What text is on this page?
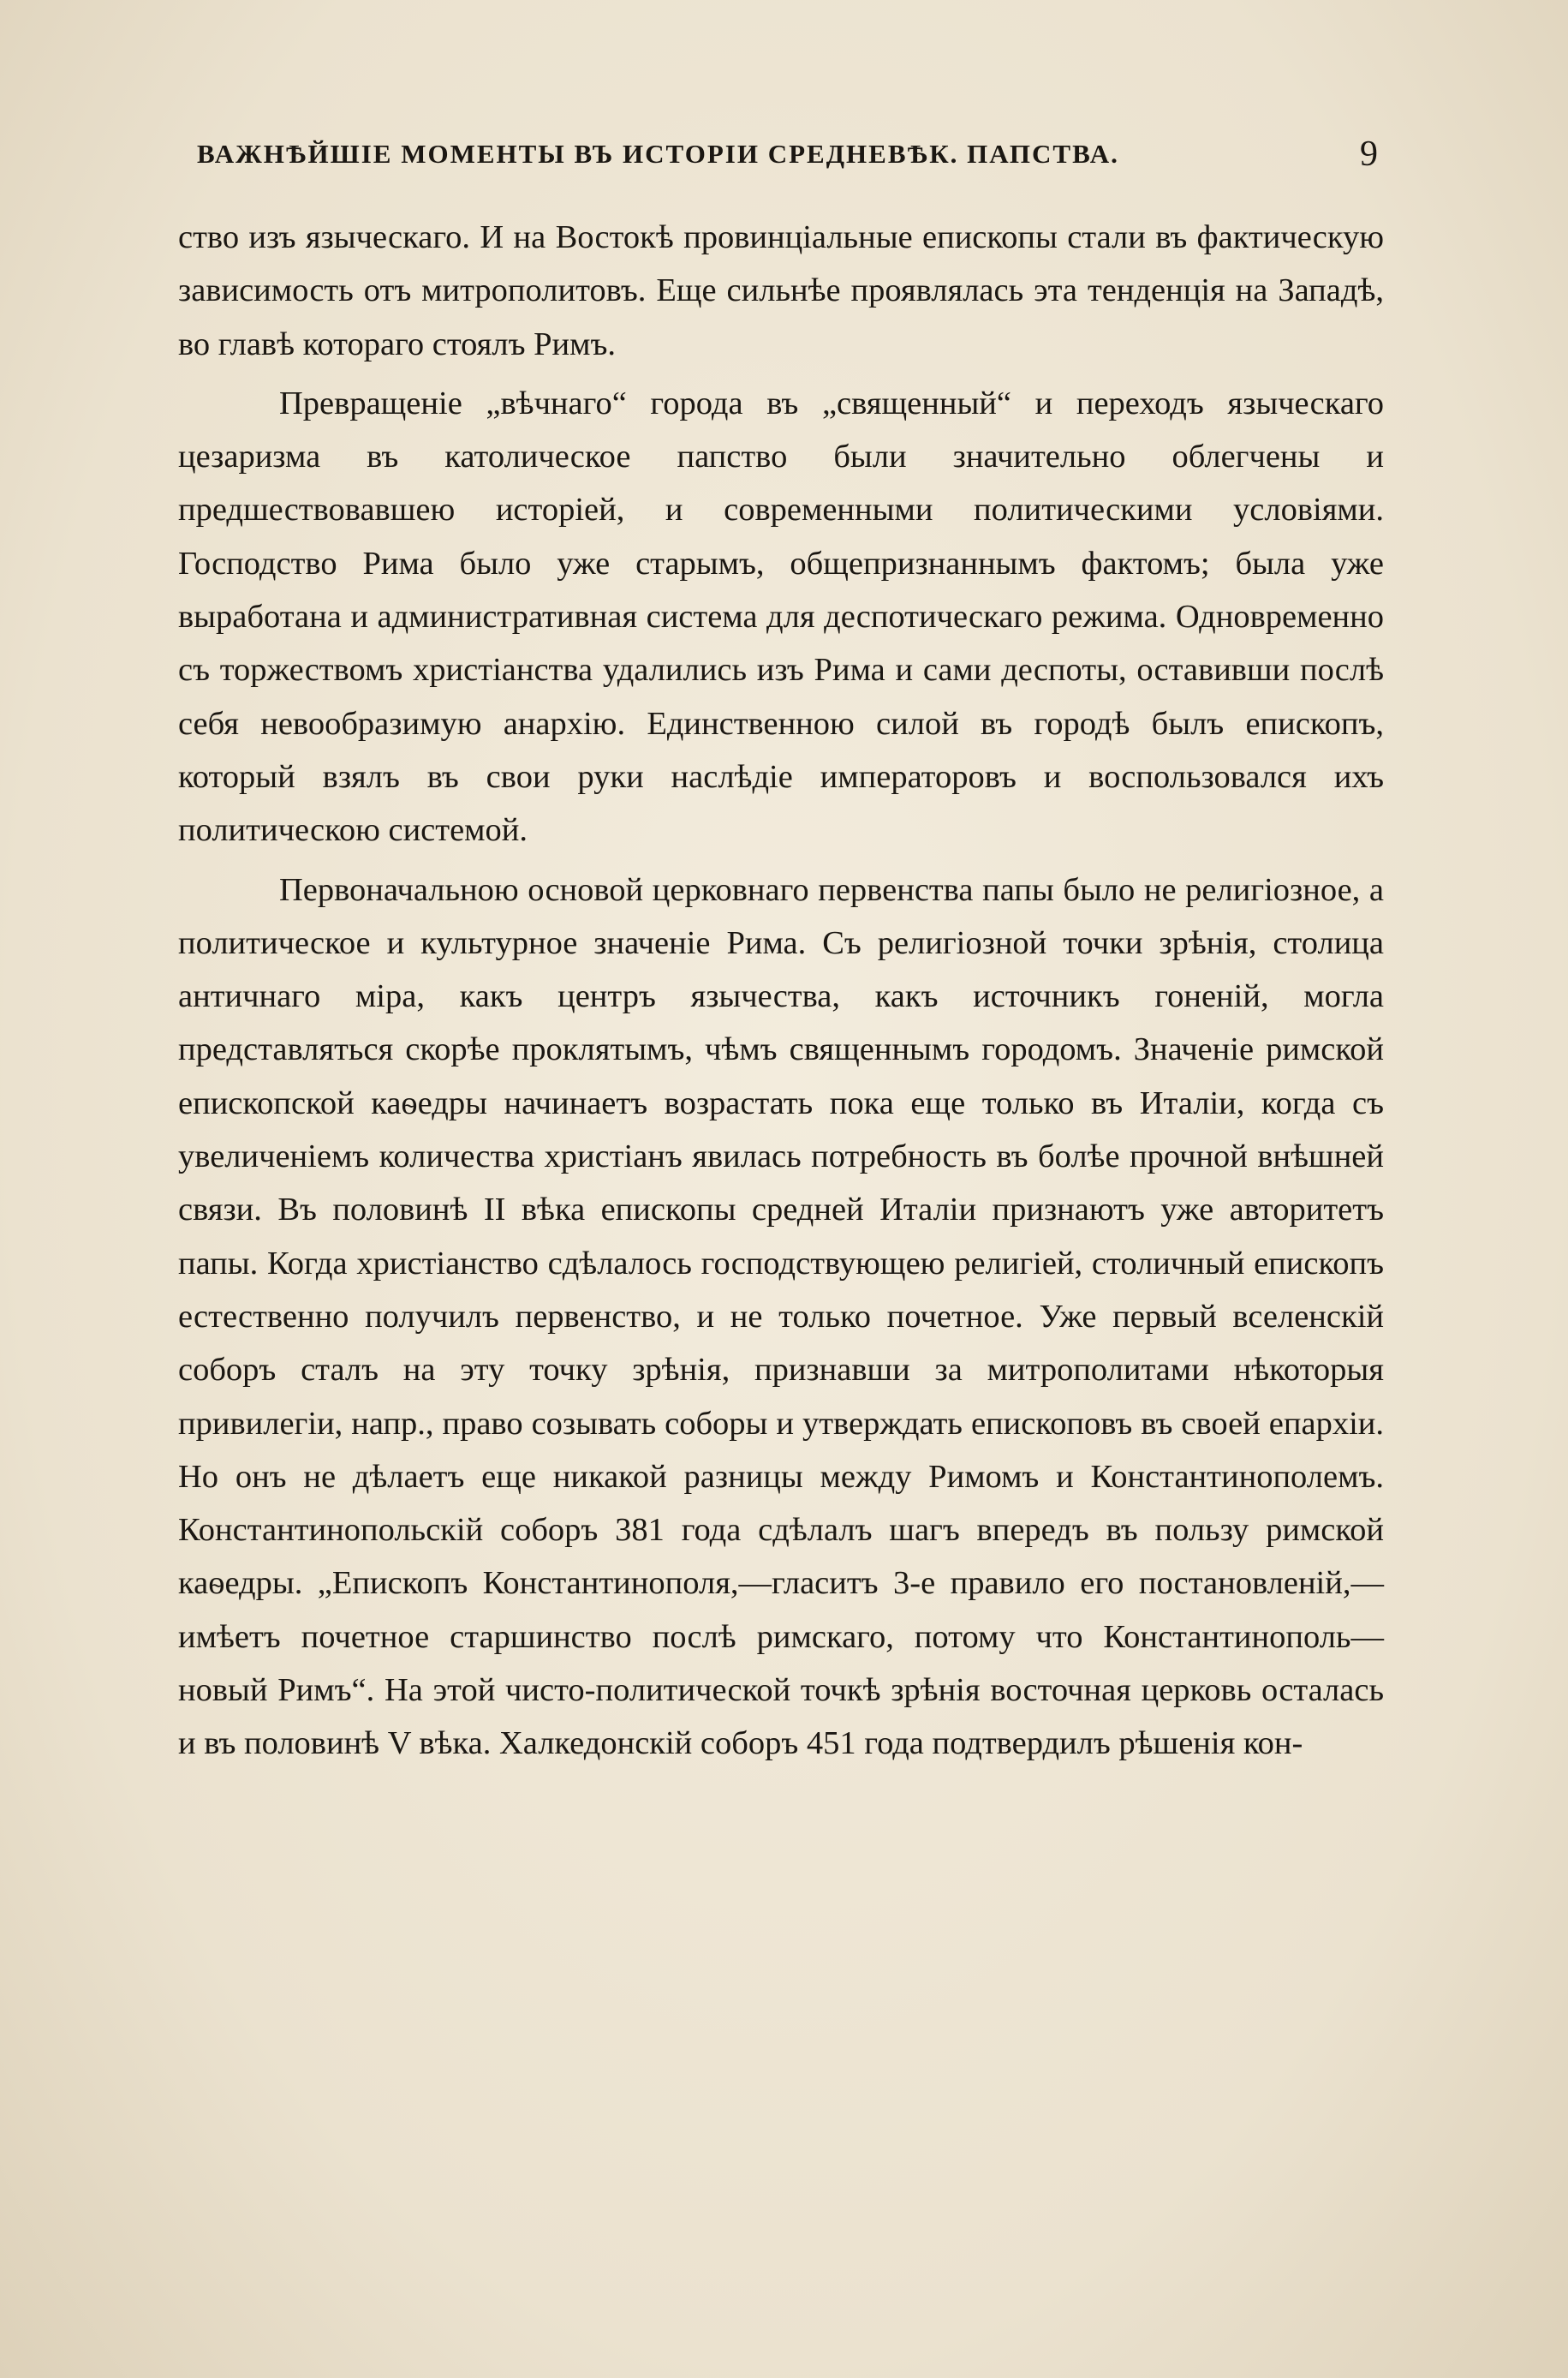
ВАЖНѢЙШІЕ МОМЕНТЫ ВЪ ИСТОРІИ СРЕДНЕВѢК. ПАПСТВА.	9

ство изъ языческаго. И на Востокѣ провинціальные епископы стали въ фактическую зависимость отъ митрополитовъ. Еще сильнѣе проявлялась эта тенденція на Западѣ, во главѣ котораго стоялъ Римъ.

Превращеніе „вѣчнаго“ города въ „священный“ и переходъ языческаго цезаризма въ католическое папство были значительно облегчены и предшествовавшею исторіей, и современными политическими условіями. Господство Рима было уже старымъ, общепризнаннымъ фактомъ; была уже выработана и административная система для деспотическаго режима. Одновременно съ торжествомъ христіанства удалились изъ Рима и сами деспоты, оставивши послѣ себя невообразимую анархію. Единственною силой въ городѣ былъ епископъ, который взялъ въ свои руки наслѣдіе императоровъ и воспользовался ихъ политическою системой.

Первоначальною основой церковнаго первенства папы было не религіозное, а политическое и культурное значеніе Рима. Съ религіозной точки зрѣнія, столица античнаго міра, какъ центръ язычества, какъ источникъ гоненій, могла представляться скорѣе проклятымъ, чѣмъ священнымъ городомъ. Значеніе римской епископской каѳедры начинаетъ возрастать пока еще только въ Италіи, когда съ увеличеніемъ количества христіанъ явилась потребность въ болѣе прочной внѣшней связи. Въ половинѣ II вѣка епископы средней Италіи признаютъ уже авторитетъ папы. Когда христіанство сдѣлалось господствующею религіей, столичный епископъ естественно получилъ первенство, и не только почетное. Уже первый вселенскій соборъ сталъ на эту точку зрѣнія, признавши за митрополитами нѣкоторыя привилегіи, напр., право созывать соборы и утверждать епископовъ въ своей епархіи. Но онъ не дѣлаетъ еще никакой разницы между Римомъ и Константинополемъ. Константинопольскій соборъ 381 года сдѣлалъ шагъ впередъ въ пользу римской каѳедры. „Епископъ Константинополя,—гласитъ 3-е правило его постановленій,—имѣетъ почетное старшинство послѣ римскаго, потому что Константинополь—новый Римъ“. На этой чисто-политической точкѣ зрѣнія восточная церковь осталась и въ половинѣ V вѣка. Халкедонскій соборъ 451 года подтвердилъ рѣшенія кон-
